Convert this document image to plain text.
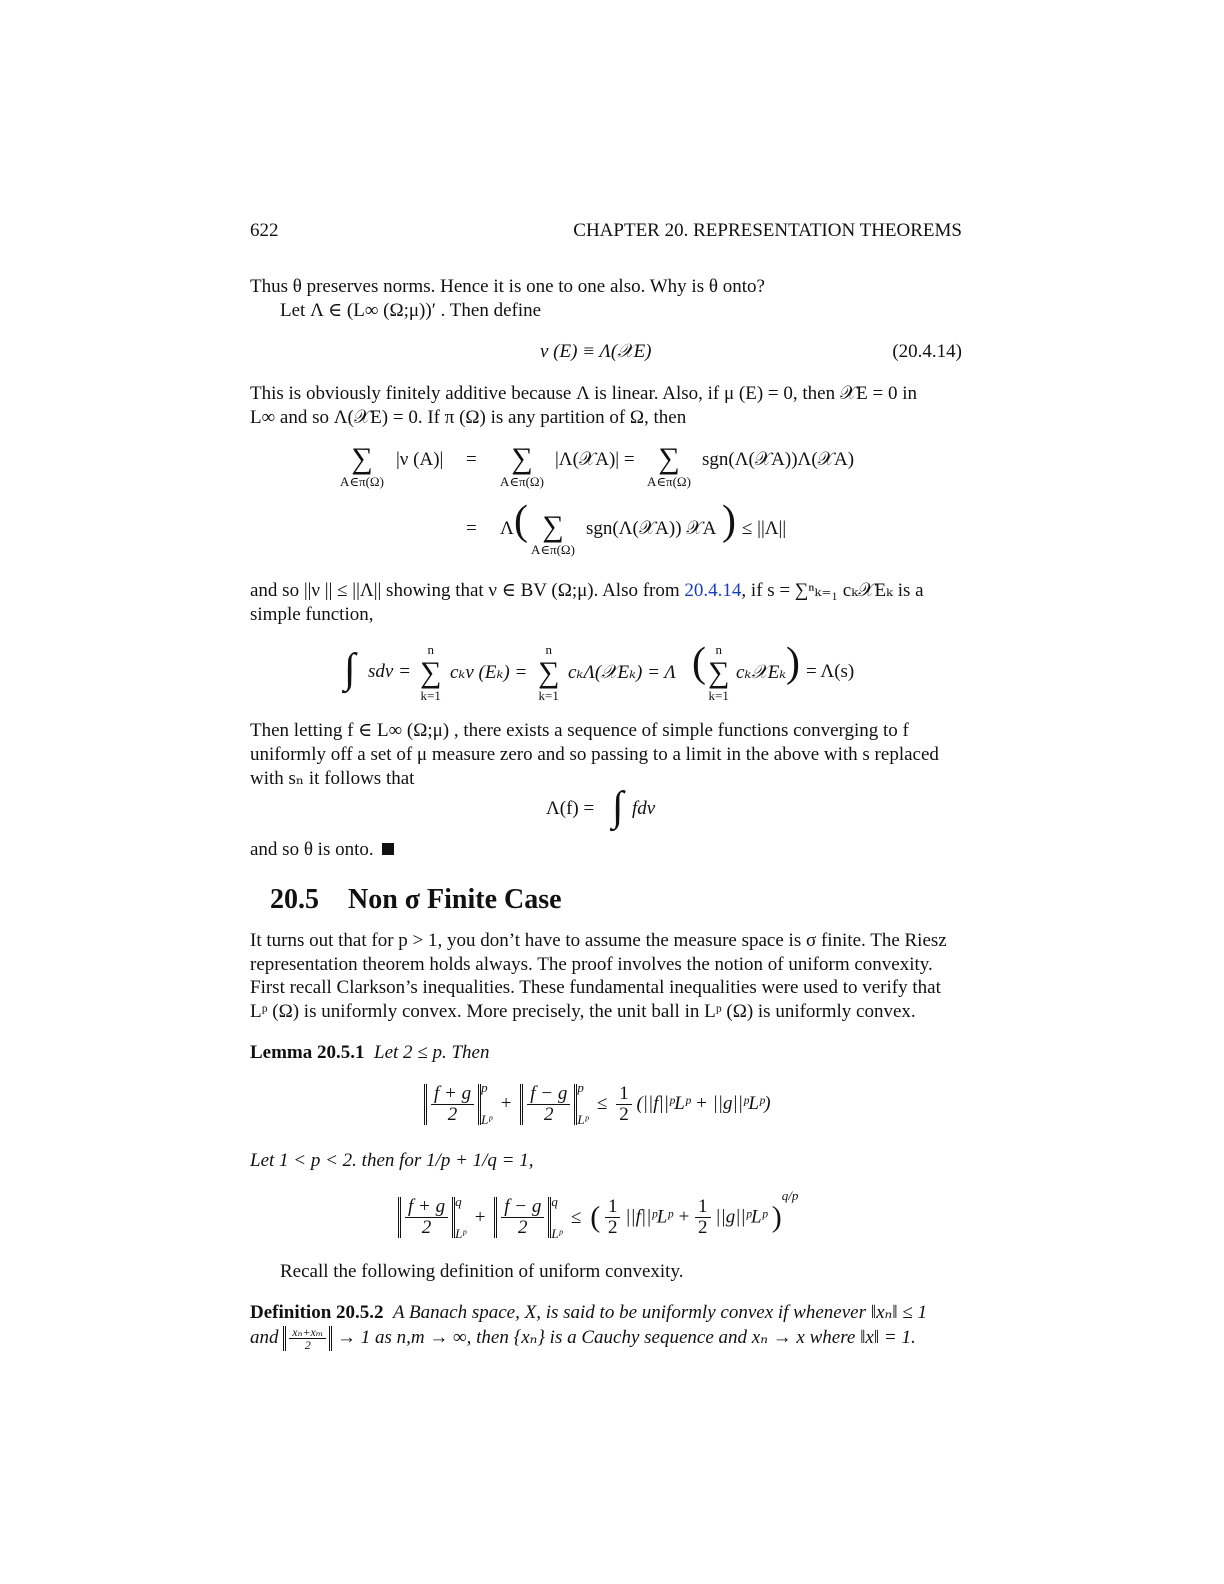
622	CHAPTER 20. REPRESENTATION THEOREMS
Thus θ preserves norms. Hence it is one to one also. Why is θ onto?
Let Λ ∈ (L∞ (Ω;μ))′ . Then define
ν (E) ≡ Λ(𝒳E)	(20.4.14)
This is obviously finitely additive because Λ is linear. Also, if μ (E) = 0, then 𝒳E = 0 in
L∞ and so Λ(𝒳E) = 0. If π (Ω) is any partition of Ω, then
∑
A∈π(Ω)
|ν (A)| =	∑
A∈π(Ω)
|Λ(𝒳A)| = ∑
A∈π(Ω)
sgn(Λ(𝒳A))Λ(𝒳A)
= Λ ( ∑
A∈π(Ω)
sgn(Λ(𝒳A)) 𝒳A ) ≤ ||Λ||
and so ||ν || ≤ ||Λ|| showing that ν ∈ BV (Ω;μ). Also from 20.4.14, if s = ∑ⁿₖ₌₁ cₖ𝒳Eₖ is a
simple function,
∫ sdν =
n
∑
k=1
cₖν (Eₖ) =
n
∑
k=1
cₖΛ(𝒳Eₖ) = Λ ( n
∑
k=1
cₖ𝒳Eₖ ) = Λ(s)
Then letting f ∈ L∞ (Ω;μ) , there exists a sequence of simple functions converging to f
uniformly off a set of μ measure zero and so passing to a limit in the above with s replaced
with sₙ it follows that
Λ(f) = ∫ fdν
and so θ is onto.
20.5 Non σ Finite Case
It turns out that for p > 1, you don’t have to assume the measure space is σ finite. The Riesz
representation theorem holds always. The proof involves the notion of uniform convexity.
First recall Clarkson’s inequalities. These fundamental inequalities were used to verify that
Lᵖ (Ω) is uniformly convex. More precisely, the unit ball in Lᵖ (Ω) is uniformly convex.
Lemma 20.5.1 Let 2 ≤ p. Then
$\frac{f + g}{2}$ p

Lᵖ
+ $\frac{f - g}{2}$ p

Lᵖ
≤ $\frac{1}{2}$ (||f||ᵖLᵖ + ||g||ᵖLᵖ)
Let 1 < p < 2. then for 1/p + 1/q = 1,
$\frac{f + g}{2}$ q

Lᵖ
+ $\frac{f - g}{2}$ q

Lᵖ
≤ ( $\frac{1}{2}$ ||f||ᵖLᵖ + $\frac{1}{2}$ ||g||ᵖLᵖ )$^{q/p}$
Recall the following definition of uniform convexity.
Definition 20.5.2 A Banach space, X, is said to be uniformly convex if whenever ‖xₙ‖ ≤ 1
and $\frac{\text{xₙ+xₘ}}{2} \to 1$ as n,m → ∞, then {xₙ} is a Cauchy sequence and xₙ → x where ‖x‖ = 1.
